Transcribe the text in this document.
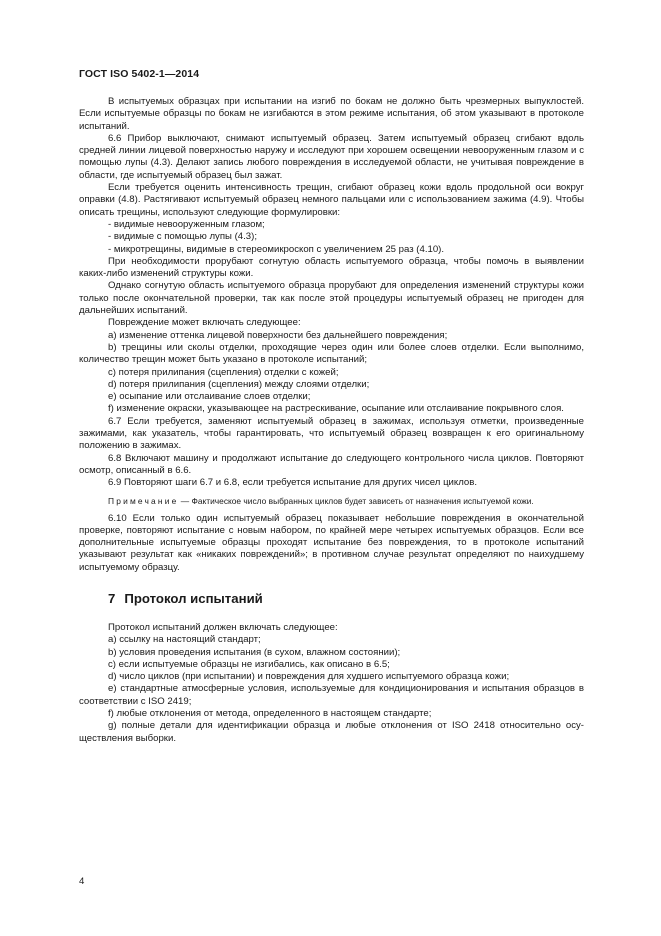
ГОСТ ISO 5402-1—2014

В испытуемых образцах при испытании на изгиб по бокам не должно быть чрезмерных выпуклостей. Если испытуемые образцы по бокам не изгибаются в этом режиме испытания, об этом указывают в протоколе испытаний.

6.6 Прибор выключают, снимают испытуемый образец. Затем испытуемый образец сгибают вдоль средней линии лицевой поверхностью наружу и исследуют при хорошем освещении невооруженным глазом и с помощью лупы (4.3). Делают запись любого повреждения в исследуемой области, не учитывая повреждение в области, где испытуемый образец был зажат.

Если требуется оценить интенсивность трещин, сгибают образец кожи вдоль продольной оси вокруг оправки (4.8). Растягивают испытуемый образец немного пальцами или с использованием зажима (4.9). Чтобы описать трещины, используют следующие формулировки:

- видимые невооруженным глазом;

- видимые с помощью лупы (4.3);

- микротрещины, видимые в стереомикроскоп с увеличением 25 раз (4.10).

При необходимости прорубают согнутую область испытуемого образца, чтобы помочь в выявлении каких-либо изменений структуры кожи.

Однако согнутую область испытуемого образца прорубают для определения изменений структуры кожи только после окончательной проверки, так как после этой процедуры испытуемый образец не пригоден для дальнейших испытаний.

Повреждение может включать следующее:

a) изменение оттенка лицевой поверхности без дальнейшего повреждения;

b) трещины или сколы отделки, проходящие через один или более слоев отделки. Если выполнимо, количество трещин может быть указано в протоколе испытаний;

c) потеря прилипания (сцепления) отделки с кожей;

d) потеря прилипания (сцепления) между слоями отделки;

e) осыпание или отслаивание слоев отделки;

f) изменение окраски, указывающее на растрескивание, осыпание или отслаивание покрывного слоя.

6.7 Если требуется, заменяют испытуемый образец в зажимах, используя отметки, произведенные зажимами, как указатель, чтобы гарантировать, что испытуемый образец возвращен к его оригинальному положению в зажимах.

6.8 Включают машину и продолжают испытание до следующего контрольного числа циклов. Повторяют осмотр, описанный в 6.6.

6.9 Повторяют шаги 6.7 и 6.8, если требуется испытание для других чисел циклов.

Примечание — Фактическое число выбранных циклов будет зависеть от назначения испытуемой кожи.

6.10 Если только один испытуемый образец показывает небольшие повреждения в окончательной проверке, повторяют испытание с новым набором, по крайней мере четырех испытуемых образцов. Если все дополнительные испытуемые образцы проходят испытание без повреждения, то в протоколе испытаний указывают результат как «никаких повреждений»; в противном случае результат определяют по наихудшему испытуемому образцу.

7 Протокол испытаний

Протокол испытаний должен включать следующее:

a) ссылку на настоящий стандарт;

b) условия проведения испытания (в сухом, влажном состоянии);

c) если испытуемые образцы не изгибались, как описано в 6.5;

d) число циклов (при испытании) и повреждения для худшего испытуемого образца кожи;

e) стандартные атмосферные условия, используемые для кондиционирования и испытания образцов в соответствии с ISO 2419;

f) любые отклонения от метода, определенного в настоящем стандарте;

g) полные детали для идентификации образца и любые отклонения от ISO 2418 относительно осуществления выборки.

4
